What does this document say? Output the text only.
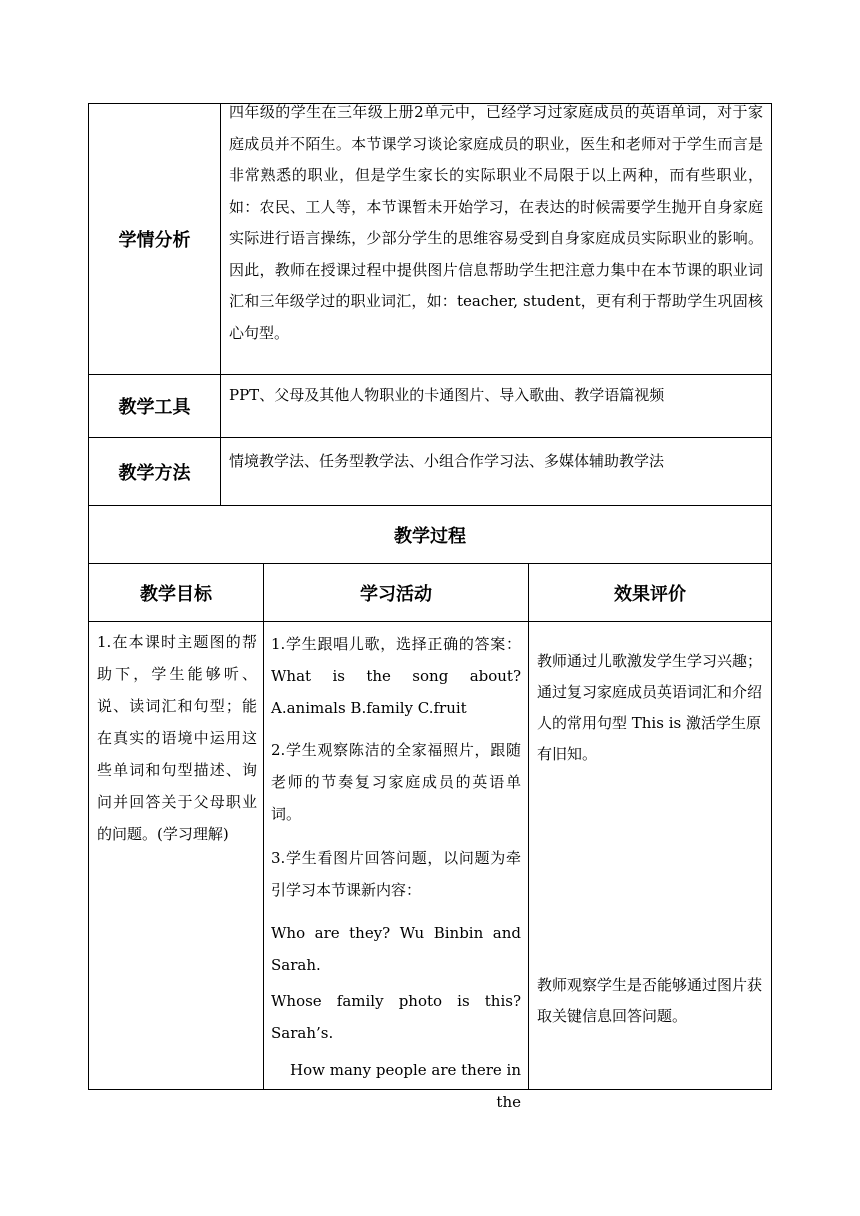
学情分析
四年级的学生在三年级上册2单元中，已经学习过家庭成员的英语单词，对于家庭成员并不陌生。本节课学习谈论家庭成员的职业，医生和老师对于学生而言是非常熟悉的职业，但是学生家长的实际职业不局限于以上两种，而有些职业，如：农民、工人等，本节课暂未开始学习，在表达的时候需要学生抛开自身家庭实际进行语言操练，少部分学生的思维容易受到自身家庭成员实际职业的影响。因此，教师在授课过程中提供图片信息帮助学生把注意力集中在本节课的职业词汇和三年级学过的职业词汇，如：teacher, student，更有利于帮助学生巩固核心句型。
教学工具
PPT、父母及其他人物职业的卡通图片、导入歌曲、教学语篇视频
教学方法
情境教学法、任务型教学法、小组合作学习法、多媒体辅助教学法
教学过程
教学目标	学习活动	效果评价
1.在本课时主题图的帮助下，学生能够听、说、读词汇和句型；能在真实的语境中运用这些单词和句型描述、询问并回答关于父母职业的问题。(学习理解)
1.学生跟唱儿歌，选择正确的答案： What is the song about? A.animals B.family C.fruit
2.学生观察陈洁的全家福照片，跟随老师的节奏复习家庭成员的英语单词。
3.学生看图片回答问题，以问题为牵引学习本节课新内容：
Who are they? Wu Binbin and Sarah.
Whose family photo is this? Sarah’s.
How many people are there in the
教师通过儿歌激发学生学习兴趣；通过复习家庭成员英语词汇和介绍人的常用句型 This is 激活学生原有旧知。
教师观察学生是否能够通过图片获取关键信息回答问题。
